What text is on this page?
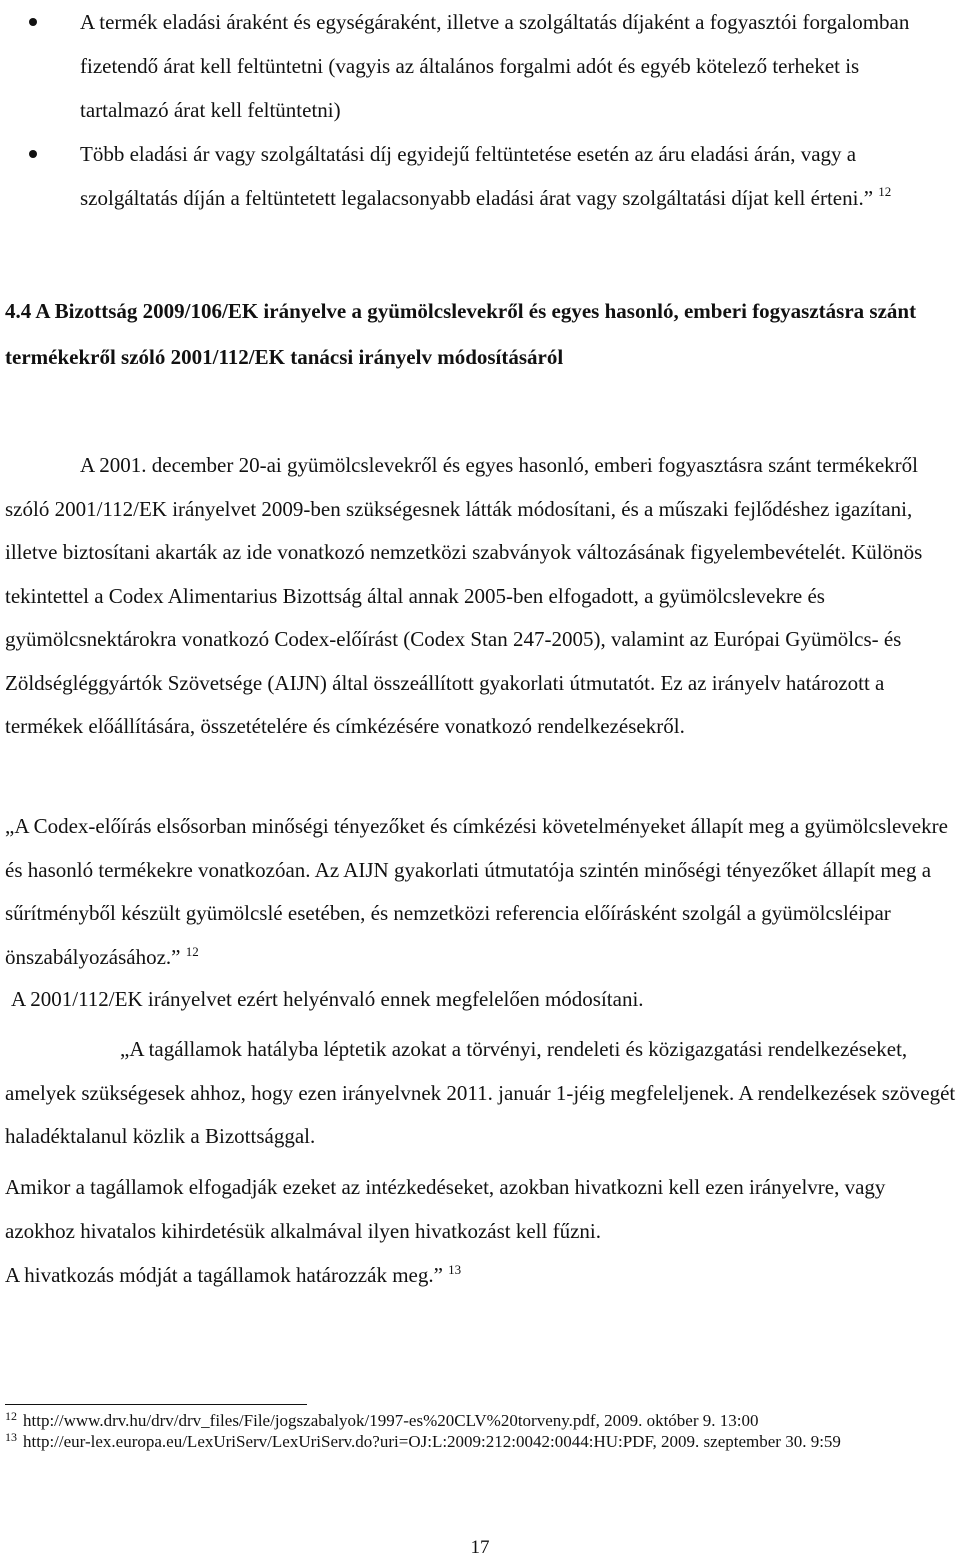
A termék eladási áraként és egységáraként, illetve a szolgáltatás díjaként a fogyasztói forgalomban fizetendő árat kell feltüntetni (vagyis az általános forgalmi adót és egyéb kötelező terheket is tartalmazó árat kell feltüntetni)
Több eladási ár vagy szolgáltatási díj egyidejű feltüntetése esetén az áru eladási árán, vagy a szolgáltatás díján a feltüntetett legalacsonyabb eladási árat vagy szolgáltatási díjat kell érteni.” $^{12}$
4.4 A Bizottság 2009/106/EK irányelve a gyümölcslevekről és egyes hasonló, emberi fogyasztásra szánt termékekről szóló 2001/112/EK tanácsi irányelv módosításáról
A 2001. december 20-ai gyümölcslevekről és egyes hasonló, emberi fogyasztásra szánt termékekről szóló 2001/112/EK irányelvet 2009-ben szükségesnek látták módosítani, és a műszaki fejlődéshez igazítani, illetve biztosítani akarták az ide vonatkozó nemzetközi szabványok változásának figyelembevételét. Különös tekintettel a Codex Alimentarius Bizottság által annak 2005-ben elfogadott, a gyümölcslevekre és gyümölcsnektárokra vonatkozó Codex-előírást (Codex Stan 247-2005), valamint az Európai Gyümölcs- és Zöldségléggyártók Szövetsége (AIJN) által összeállított gyakorlati útmutatót. Ez az irányelv határozott a termékek előállítására, összetételére és címkézésére vonatkozó rendelkezésekről.
„A Codex-előírás elsősorban minőségi tényezőket és címkézési követelményeket állapít meg a gyümölcslevekre és hasonló termékekre vonatkozóan. Az AIJN gyakorlati útmutatója szintén minőségi tényezőket állapít meg a sűrítményből készült gyümölcslé esetében, és nemzetközi referencia előírásként szolgál a gyümölcsléipar önszabályozásához.” $^{12}$
A 2001/112/EK irányelvet ezért helyénvaló ennek megfelelően módosítani.
„A tagállamok hatályba léptetik azokat a törvényi, rendeleti és közigazgatási rendelkezéseket, amelyek szükségesek ahhoz, hogy ezen irányelvnek 2011. január 1-jéig megfeleljenek. A rendelkezések szövegét haladéktalanul közlik a Bizottsággal.
Amikor a tagállamok elfogadják ezeket az intézkedéseket, azokban hivatkozni kell ezen irányelvre, vagy azokhoz hivatalos kihirdetésük alkalmával ilyen hivatkozást kell fűzni.
A hivatkozás módját a tagállamok határozzák meg.” $^{13}$

$^{12}$ http://www.drv.hu/drv/drv_files/File/jogszabalyok/1997-es%20CLV%20torveny.pdf, 2009. október 9. 13:00

$^{13}$ http://eur-lex.europa.eu/LexUriServ/LexUriServ.do?uri=OJ:L:2009:212:0042:0044:HU:PDF, 2009. szeptember 30. 9:59

17
